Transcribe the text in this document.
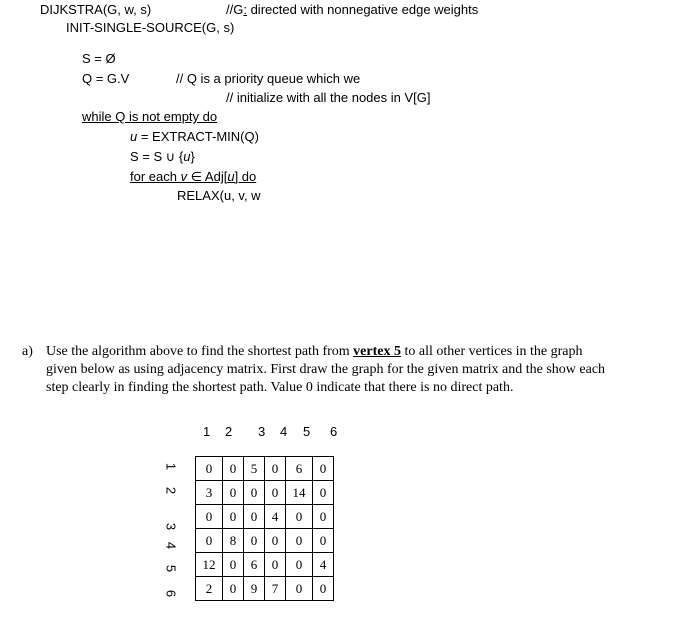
DIJKSTRA(G, w, s)	//G: directed with nonnegative edge weights
INIT-SINGLE-SOURCE(G, s)
S = Ø
Q = G.V	// Q is a priority queue which we
// initialize with all the nodes in V[G]
while Q is not empty do
u = EXTRACT-MIN(Q)
S = S ∪ {u}
for each v ∈ Adj[u] do
RELAX(u, v, w
a) Use the algorithm above to find the shortest path from vertex 5 to all other vertices in the graph
given below as using adjacency matrix. First draw the graph for the given matrix and the show each
step clearly in finding the shortest path. Value 0 indicate that there is no direct path.
1 2 3 4 5 6
1
2
3
4
5
6
0	0	5	0	6	0
3	0	0	0	14	0
0	0	0	4	0	0
0	8	0	0	0	0
12	0	6	0	0	4
2	0	9	7	0	0
